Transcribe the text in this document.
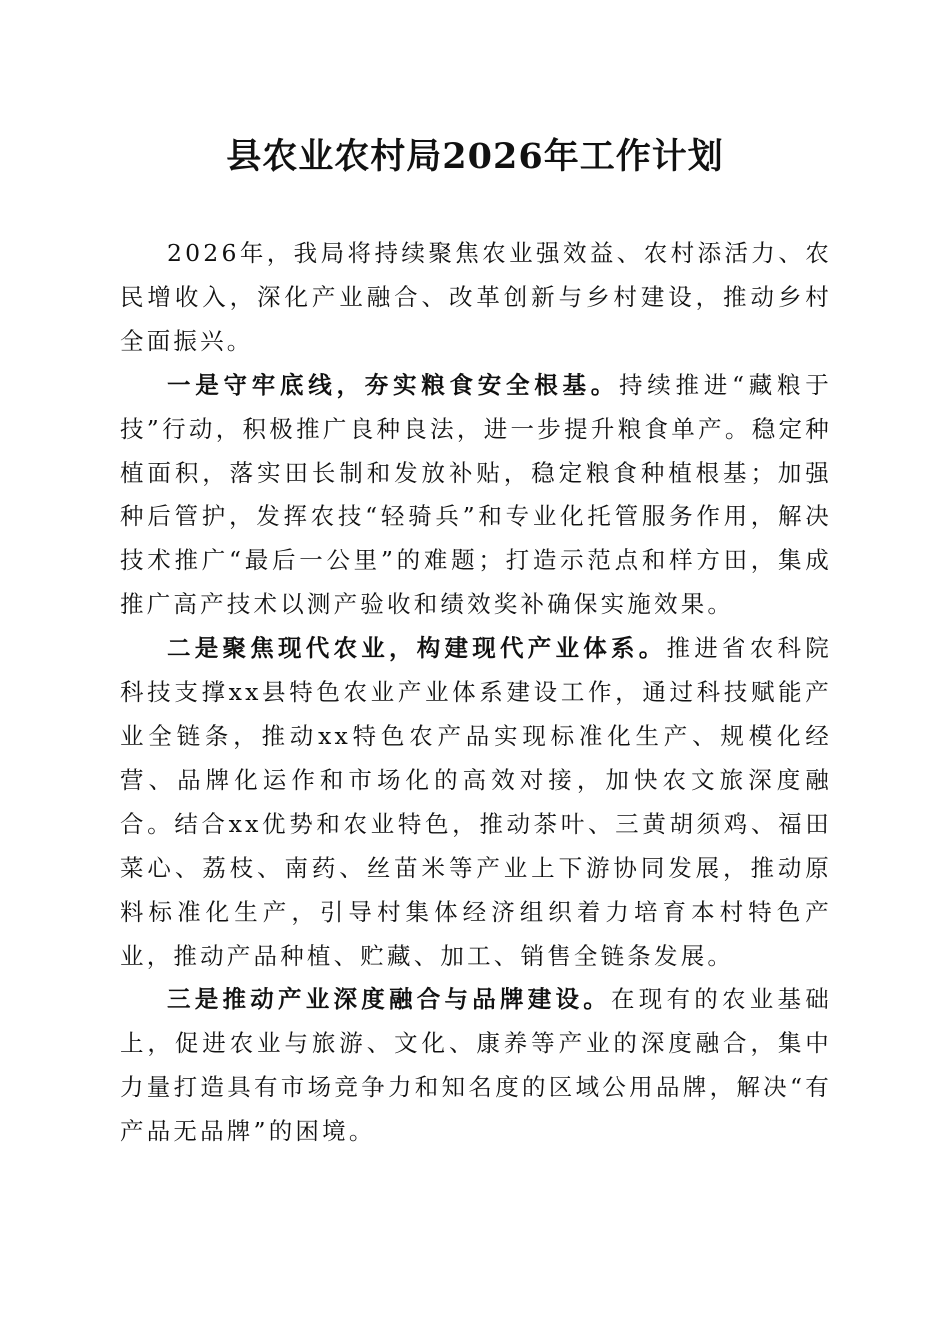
县农业农村局2026年工作计划

2026年，我局将持续聚焦农业强效益、农村添活力、农民增收入，深化产业融合、改革创新与乡村建设，推动乡村全面振兴。

一是守牢底线，夯实粮食安全根基。持续推进“藏粮于技”行动，积极推广良种良法，进一步提升粮食单产。稳定种植面积，落实田长制和发放补贴，稳定粮食种植根基；加强种后管护，发挥农技“轻骑兵”和专业化托管服务作用，解决技术推广“最后一公里”的难题；打造示范点和样方田，集成推广高产技术以测产验收和绩效奖补确保实施效果。

二是聚焦现代农业，构建现代产业体系。推进省农科院科技支撑xx县特色农业产业体系建设工作，通过科技赋能产业全链条，推动xx特色农产品实现标准化生产、规模化经营、品牌化运作和市场化的高效对接，加快农文旅深度融合。结合xx优势和农业特色，推动茶叶、三黄胡须鸡、福田菜心、荔枝、南药、丝苗米等产业上下游协同发展，推动原料标准化生产，引导村集体经济组织着力培育本村特色产业，推动产品种植、贮藏、加工、销售全链条发展。

三是推动产业深度融合与品牌建设。在现有的农业基础上，促进农业与旅游、文化、康养等产业的深度融合，集中力量打造具有市场竞争力和知名度的区域公用品牌，解决“有产品无品牌”的困境。
